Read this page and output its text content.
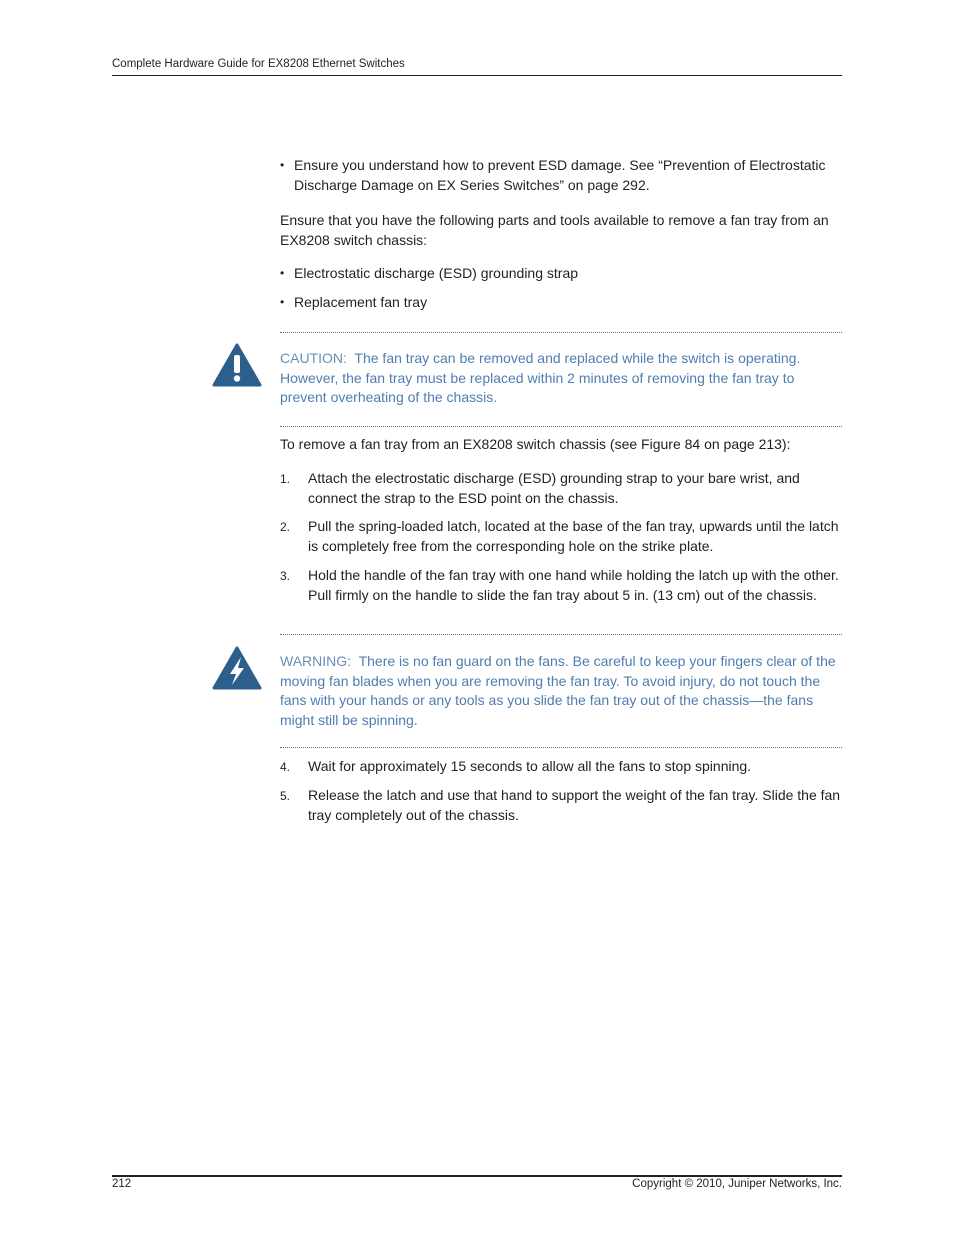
Complete Hardware Guide for EX8208 Ethernet Switches
• Ensure you understand how to prevent ESD damage. See “Prevention of Electrostatic Discharge Damage on EX Series Switches” on page 292.
Ensure that you have the following parts and tools available to remove a fan tray from an EX8208 switch chassis:
• Electrostatic discharge (ESD) grounding strap
• Replacement fan tray
CAUTION: The fan tray can be removed and replaced while the switch is operating. However, the fan tray must be replaced within 2 minutes of removing the fan tray to prevent overheating of the chassis.
To remove a fan tray from an EX8208 switch chassis (see Figure 84 on page 213):
1. Attach the electrostatic discharge (ESD) grounding strap to your bare wrist, and connect the strap to the ESD point on the chassis.
2. Pull the spring-loaded latch, located at the base of the fan tray, upwards until the latch is completely free from the corresponding hole on the strike plate.
3. Hold the handle of the fan tray with one hand while holding the latch up with the other. Pull firmly on the handle to slide the fan tray about 5 in. (13 cm) out of the chassis.
WARNING: There is no fan guard on the fans. Be careful to keep your fingers clear of the moving fan blades when you are removing the fan tray. To avoid injury, do not touch the fans with your hands or any tools as you slide the fan tray out of the chassis—the fans might still be spinning.
4. Wait for approximately 15 seconds to allow all the fans to stop spinning.
5. Release the latch and use that hand to support the weight of the fan tray. Slide the fan tray completely out of the chassis.
212	Copyright © 2010, Juniper Networks, Inc.
